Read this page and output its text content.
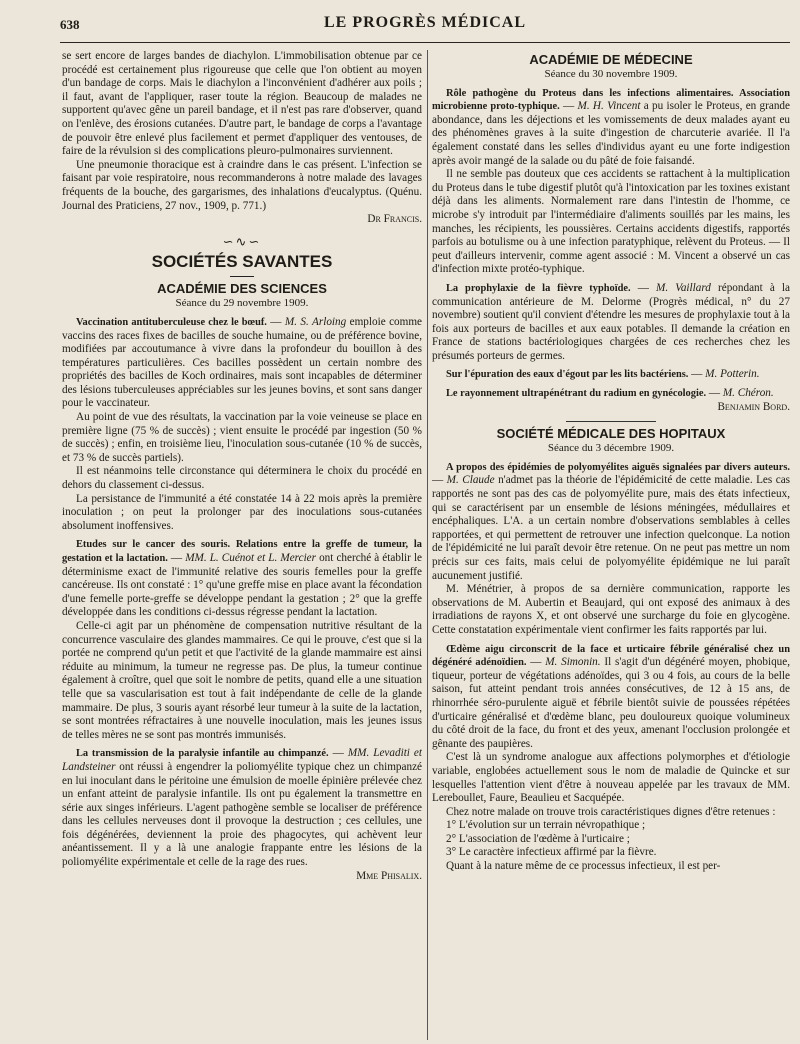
638	LE PROGRÈS MÉDICAL

se sert encore de larges bandes de diachylon. L'immobilisation obtenue par ce procédé est certainement plus rigoureuse que celle que l'on obtient au moyen d'un bandage de corps. Mais le diachylon a l'inconvénient d'adhérer aux poils ; il faut, avant de l'appliquer, raser toute la région. Beaucoup de malades ne supportent qu'avec gêne un pareil bandage, et il n'est pas rare d'observer, quand on l'enlève, des érosions cutanées. D'autre part, le bandage de corps a l'avantage de pouvoir être enlevé plus facilement et permet d'appliquer des ventouses, de faire de la révulsion si des complications pleuro-pulmonaires surviennent.

Une pneumonie thoracique est à craindre dans le cas présent. L'infection se faisant par voie respiratoire, nous recommanderons à notre malade des lavages fréquents de la bouche, des gargarismes, des inhalations d'eucalyptus. (Quénu. Journal des Praticiens, 27 nov., 1909, p. 771.)

Dr Francis.
∽∿∽
SOCIÉTÉS SAVANTES
ACADÉMIE DES SCIENCES
Séance du 29 novembre 1909.

Vaccination antituberculeuse chez le bœuf. — M. S. Arloing emploie comme vaccins des races fixes de bacilles de souche humaine, ou de préférence bovine, modifiées par accoutumance à vivre dans la profondeur du bouillon à des températures particulières. Ces bacilles possèdent un certain nombre des propriétés des bacilles de Koch ordinaires, mais sont incapables de déterminer des lésions tuberculeuses appréciables sur les jeunes bovins, et sont sans danger pour le vaccinateur.

Au point de vue des résultats, la vaccination par la voie veineuse se place en première ligne (75 % de succès) ; vient ensuite le procédé par ingestion (50 % de succès) ; enfin, en troisième lieu, l'inoculation sous-cutanée (10 % de succès, et 73 % de succès partiels).

Il est néanmoins telle circonstance qui déterminera le choix du procédé en dehors du classement ci-dessus.

La persistance de l'immunité a été constatée 14 à 22 mois après la première inoculation ; on peut la prolonger par des inoculations sous-cutanées absolument inoffensives.

Etudes sur le cancer des souris. Relations entre la greffe de tumeur, la gestation et la lactation. — MM. L. Cuénot et L. Mercier ont cherché à établir le déterminisme exact de l'immunité relative des souris femelles pour la greffe cancéreuse. Ils ont constaté : 1° qu'une greffe mise en place avant la fécondation d'une femelle porte-greffe se développe pendant la gestation ; 2° que la greffe développée dans les conditions ci-dessus régresse pendant la lactation.

Celle-ci agit par un phénomène de compensation nutritive résultant de la concurrence vasculaire des glandes mammaires. Ce qui le prouve, c'est que si la portée ne comprend qu'un petit et que l'activité de la glande mammaire est ainsi réduite au minimum, la tumeur ne regresse pas. De plus, la tumeur continue également à croître, quel que soit le nombre de petits, quand elle a une situation telle que sa vascularisation est tout à fait indépendante de celle de la glande mammaire. De plus, 3 souris ayant résorbé leur tumeur à la suite de la lactation, se sont montrées réfractaires à une nouvelle inoculation, mais les jeunes issus de telles mères ne se sont pas montrés immunisés.

La transmission de la paralysie infantile au chimpanzé. — MM. Levaditi et Landsteiner ont réussi à engendrer la poliomyélite typique chez un chimpanzé en lui inoculant dans le péritoine une émulsion de moelle épinière prélevée chez un enfant atteint de paralysie infantile. Ils ont pu également la transmettre en série aux singes inférieurs. L'agent pathogène semble se localiser de préférence dans les cellules nerveuses dont il provoque la destruction ; ces cellules, une fois dégénérées, deviennent la proie des phagocytes, qui achèvent leur anéantissement. Il y a là une analogie frappante entre les lésions de la poliomyélite expérimentale et celle de la rage des rues.

Mme Phisalix.
ACADÉMIE DE MÉDECINE
Séance du 30 novembre 1909.

Rôle pathogène du Proteus dans les infections alimentaires. Association microbienne proto-typhique. — M. H. Vincent a pu isoler le Proteus, en grande abondance, dans les déjections et les vomissements de deux malades ayant eu des phénomènes graves à la suite d'ingestion de charcuterie avariée. Il l'a également constaté dans les selles d'individus ayant eu une forte indigestion après avoir mangé de la salade ou du pâté de foie faisandé.

Il ne semble pas douteux que ces accidents se rattachent à la multiplication du Proteus dans le tube digestif plutôt qu'à l'intoxication par les toxines existant déjà dans les aliments. Normalement rare dans l'intestin de l'homme, ce microbe s'y introduit par l'intermédiaire d'aliments souillés par les mains, les manches, les récipients, les poussières. Certains accidents digestifs, rapportés parfois au botulisme ou à une infection paratyphique, relèvent du Proteus. — Il peut d'ailleurs intervenir, comme agent associé : M. Vincent a observé un cas d'infection mixte protéo-typhique.

La prophylaxie de la fièvre typhoïde. — M. Vaillard répondant à la communication antérieure de M. Delorme (Progrès médical, n° du 27 novembre) soutient qu'il convient d'étendre les mesures de prophylaxie tout à la fois aux porteurs de bacilles et aux eaux potables. Il demande la création en France de stations bactériologiques chargées de ces recherches chez les présumés porteurs de germes.

Sur l'épuration des eaux d'égout par les lits bactériens. — M. Potterin.

Le rayonnement ultrapénétrant du radium en gynécologie. — M. Chéron.

Benjamin Bord.
SOCIÉTÉ MÉDICALE DES HOPITAUX
Séance du 3 décembre 1909.

A propos des épidémies de polyomyélites aiguës signalées par divers auteurs. — M. Claude n'admet pas la théorie de l'épidémicité de cette maladie. Les cas rapportés ne sont pas des cas de polyomyélite pure, mais des états infectieux, qui se caractérisent par un ensemble de lésions méningées, médullaires et encéphaliques. L'A. a un certain nombre d'observations semblables à celles rapportées, et qui permettent de retrouver une infection quelconque. La notion de l'épidémicité ne lui paraît devoir être retenue. On ne peut pas mettre un nom précis sur ces faits, mais celui de polyomyélite épidémique ne lui paraît aucunement justifié.

M. Ménétrier, à propos de sa dernière communication, rapporte les observations de M. Aubertin et Beaujard, qui ont exposé des animaux à des irradiations de rayons X, et ont observé une surcharge du foie en glycogène. Cette constatation expérimentale vient confirmer les faits rapportés par lui.

Œdème aigu circonscrit de la face et urticaire fébrile généralisé chez un dégénéré adénoïdien. — M. Simonin. Il s'agit d'un dégénéré moyen, phobique, tiqueur, porteur de végétations adénoïdes, qui 3 ou 4 fois, au cours de la belle saison, fut atteint pendant trois années consécutives, de 12 à 15 ans, de rhinorrhée séro-purulente aiguë et fébrile bientôt suivie de poussées répétées d'urticaire généralisé et d'œdème blanc, peu douloureux quoique volumineux du côté droit de la face, du front et des yeux, amenant l'occlusion prolongée et gênante des paupières.

C'est là un syndrome analogue aux affections polymorphes et d'étiologie variable, englobées actuellement sous le nom de maladie de Quincke et sur lesquelles l'attention vient d'être à nouveau appelée par les travaux de MM. Lereboullet, Faure, Beaulieu et Sacquépée.

Chez notre malade on trouve trois caractéristiques dignes d'être retenues :

1° L'évolution sur un terrain névropathique ;

2° L'association de l'œdème à l'urticaire ;

3° Le caractère infectieux affirmé par la fièvre.

Quant à la nature même de ce processus infectieux, il est per-
